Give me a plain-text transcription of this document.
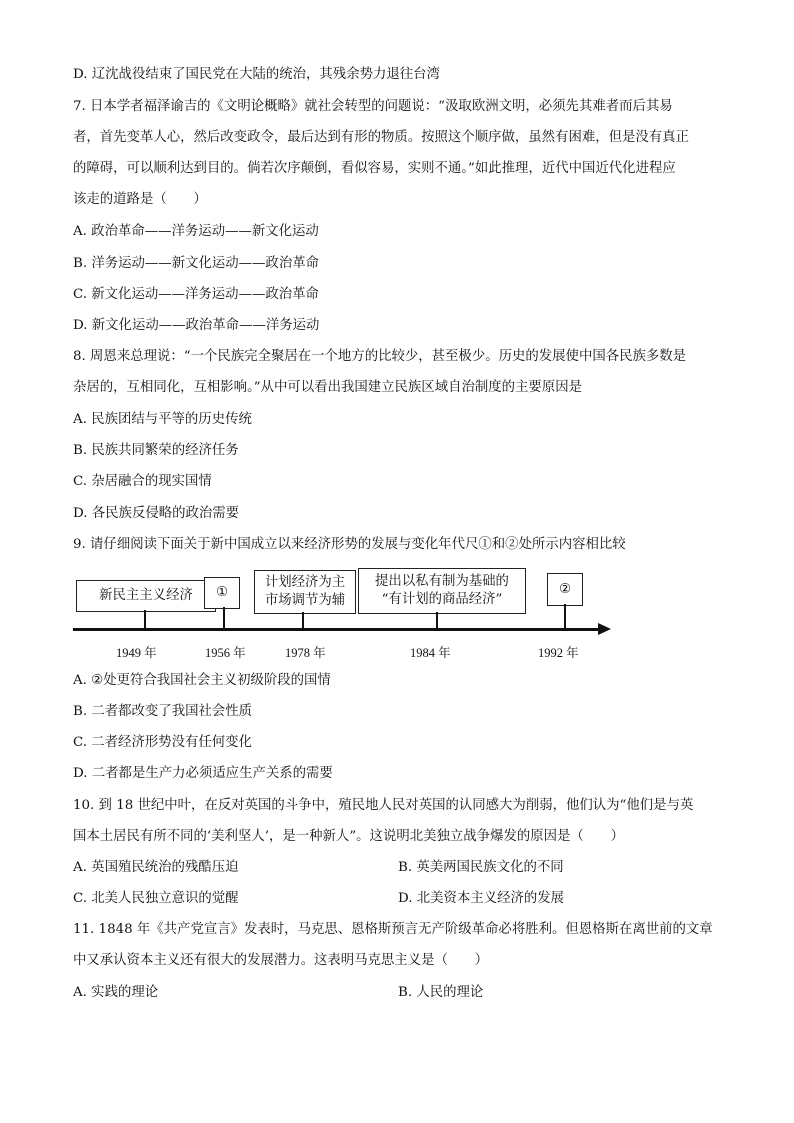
D. 辽沈战役结束了国民党在大陆的统治，其残余势力退往台湾
7. 日本学者福泽谕吉的《文明论概略》就社会转型的问题说：“汲取欧洲文明，必须先其难者而后其易
者，首先变革人心，然后改变政令，最后达到有形的物质。按照这个顺序做，虽然有困难，但是没有真正
的障碍，可以顺利达到目的。倘若次序颠倒，看似容易，实则不通。”如此推理，近代中国近代化进程应
该走的道路是（　　）
A. 政治革命——洋务运动——新文化运动
B. 洋务运动——新文化运动——政治革命
C. 新文化运动——洋务运动——政治革命
D. 新文化运动——政治革命——洋务运动
8. 周恩来总理说：“一个民族完全聚居在一个地方的比较少，甚至极少。历史的发展使中国各民族多数是
杂居的，互相同化，互相影响。”从中可以看出我国建立民族区域自治制度的主要原因是
A. 民族团结与平等的历史传统
B. 民族共同繁荣的经济任务
C. 杂居融合的现实国情
D. 各民族反侵略的政治需要
9. 请仔细阅读下面关于新中国成立以来经济形势的发展与变化年代尺①和②处所示内容相比较
新民主主义经济	①
计划经济为主
市场调节为辅
提出以私有制为基础的
“有计划的商品经济”
②
1949 年	1956 年	1978 年	1984 年	1992 年
A. ②处更符合我国社会主义初级阶段的国情
B. 二者都改变了我国社会性质
C. 二者经济形势没有任何变化
D. 二者都是生产力必须适应生产关系的需要
10. 到 18 世纪中叶，在反对英国的斗争中，殖民地人民对英国的认同感大为削弱，他们认为“他们是与英
国本土居民有所不同的‘美利坚人’，是一种新人”。这说明北美独立战争爆发的原因是（　　）
A. 英国殖民统治的残酷压迫	B. 英美两国民族文化的不同
C. 北美人民独立意识的觉醒	D. 北美资本主义经济的发展
11. 1848 年《共产党宣言》发表时，马克思、恩格斯预言无产阶级革命必将胜利。但恩格斯在离世前的文章
中又承认资本主义还有很大的发展潜力。这表明马克思主义是（　　）
A. 实践的理论	B. 人民的理论
